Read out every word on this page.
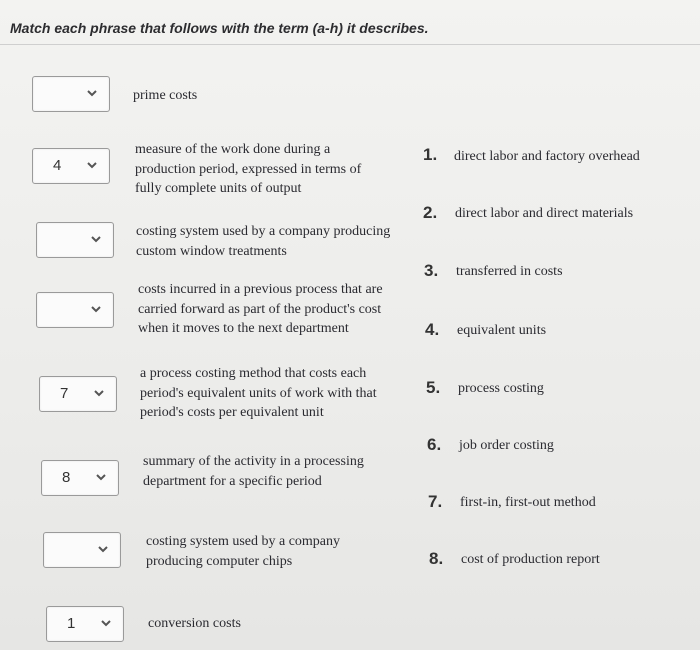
Match each phrase that follows with the term (a-h) it describes.
prime costs
4
measure of the work done during a production period, expressed in terms of fully complete units of output
costing system used by a company producing custom window treatments
costs incurred in a previous process that are carried forward as part of the product's cost when it moves to the next department
7
a process costing method that costs each period's equivalent units of work with that period's costs per equivalent unit
8
summary of the activity in a processing department for a specific period
costing system used by a company producing computer chips
1	conversion costs
1. direct labor and factory overhead
2. direct labor and direct materials
3. transferred in costs
4. equivalent units
5. process costing
6. job order costing
7. first-in, first-out method
8. cost of production report
